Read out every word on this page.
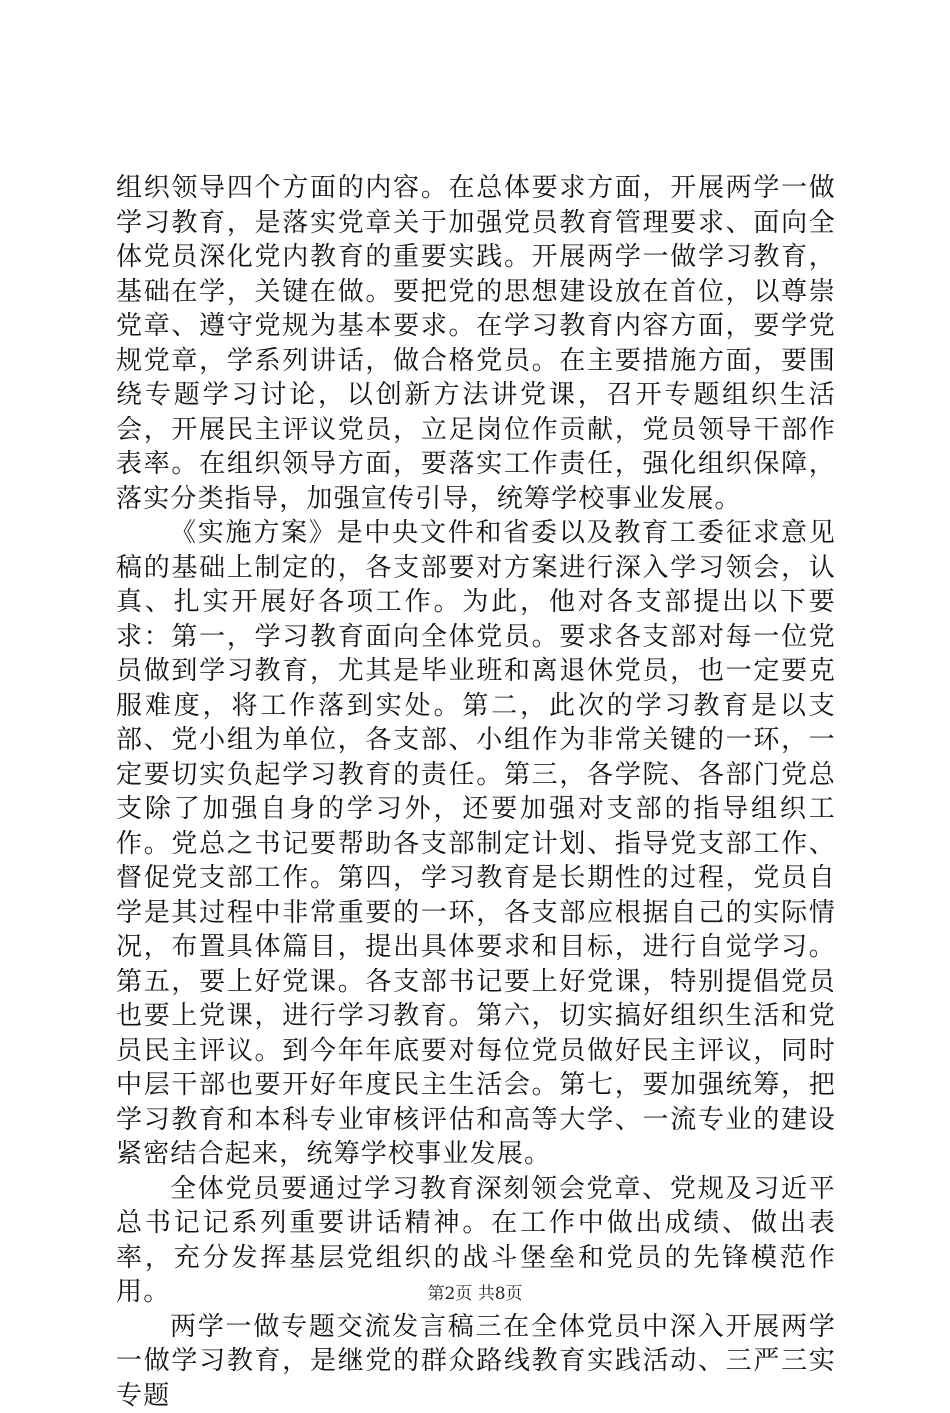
组织领导四个方面的内容。在总体要求方面，开展两学一做学习教育，是落实党章关于加强党员教育管理要求、面向全体党员深化党内教育的重要实践。开展两学一做学习教育，基础在学，关键在做。要把党的思想建设放在首位，以尊崇党章、遵守党规为基本要求。在学习教育内容方面，要学党规党章，学系列讲话，做合格党员。在主要措施方面，要围绕专题学习讨论，以创新方法讲党课，召开专题组织生活会，开展民主评议党员，立足岗位作贡献，党员领导干部作表率。在组织领导方面，要落实工作责任，强化组织保障，落实分类指导，加强宣传引导，统筹学校事业发展。

《实施方案》是中央文件和省委以及教育工委征求意见稿的基础上制定的，各支部要对方案进行深入学习领会，认真、扎实开展好各项工作。为此，他对各支部提出以下要求：第一，学习教育面向全体党员。要求各支部对每一位党员做到学习教育，尤其是毕业班和离退休党员，也一定要克服难度，将工作落到实处。第二，此次的学习教育是以支部、党小组为单位，各支部、小组作为非常关键的一环，一定要切实负起学习教育的责任。第三，各学院、各部门党总支除了加强自身的学习外，还要加强对支部的指导组织工作。党总之书记要帮助各支部制定计划、指导党支部工作、督促党支部工作。第四，学习教育是长期性的过程，党员自学是其过程中非常重要的一环，各支部应根据自己的实际情况，布置具体篇目，提出具体要求和目标，进行自觉学习。第五，要上好党课。各支部书记要上好党课，特别提倡党员也要上党课，进行学习教育。第六，切实搞好组织生活和党员民主评议。到今年年底要对每位党员做好民主评议，同时中层干部也要开好年度民主生活会。第七，要加强统筹，把学习教育和本科专业审核评估和高等大学、一流专业的建设紧密结合起来，统筹学校事业发展。

全体党员要通过学习教育深刻领会党章、党规及习近平总书记记系列重要讲话精神。在工作中做出成绩、做出表率，充分发挥基层党组织的战斗堡垒和党员的先锋模范作用。

两学一做专题交流发言稿三在全体党员中深入开展两学一做学习教育，是继党的群众路线教育实践活动、三严三实专题

第2页 共8页
